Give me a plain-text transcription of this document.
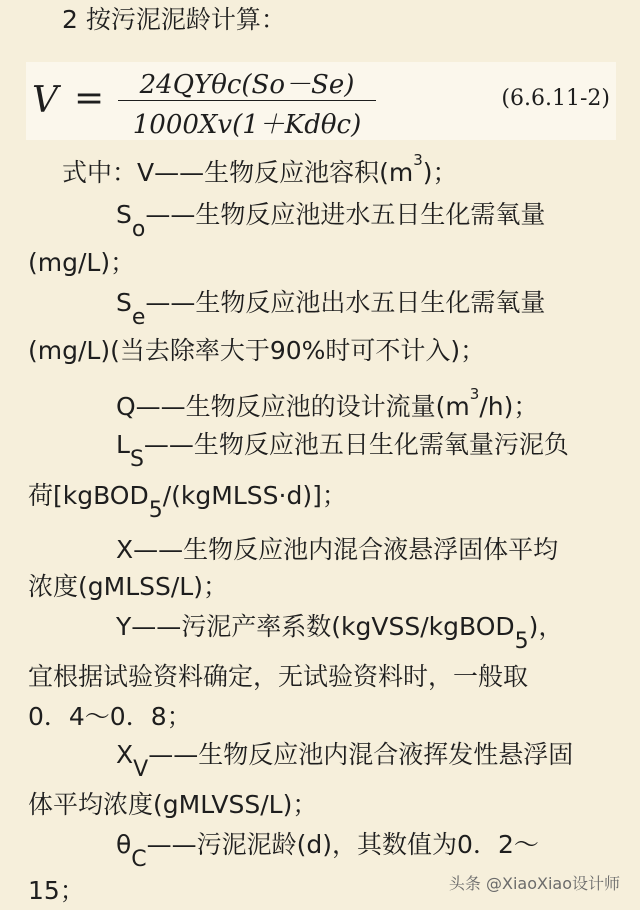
2 按污泥泥龄计算：
V =	24QYθc(So－Se)
1000Xv(1＋Kdθc)
(6.6.11-2)
式中：V——生物反应池容积$(m^3)$；
So——生物反应池进水五日生化需氧量
(mg/L)；
Se——生物反应池出水五日生化需氧量
(mg/L)(当去除率大于90%时可不计入)；
Q——生物反应池的设计流量$(m^3/h)$；
LS——生物反应池五日生化需氧量污泥负
荷[kgBOD5/(kgMLSS·d)]；
X——生物反应池内混合液悬浮固体平均
浓度(gMLSS/L)；
Y——污泥产率系数(kgVSS/kgBOD5)，
宜根据试验资料确定，无试验资料时，一般取
0．4～0．8；
XV——生物反应池内混合液挥发性悬浮固
体平均浓度(gMLVSS/L)；
θC——污泥泥龄(d)，其数值为0．2～
15；	头条 @XiaoXiao设计师
